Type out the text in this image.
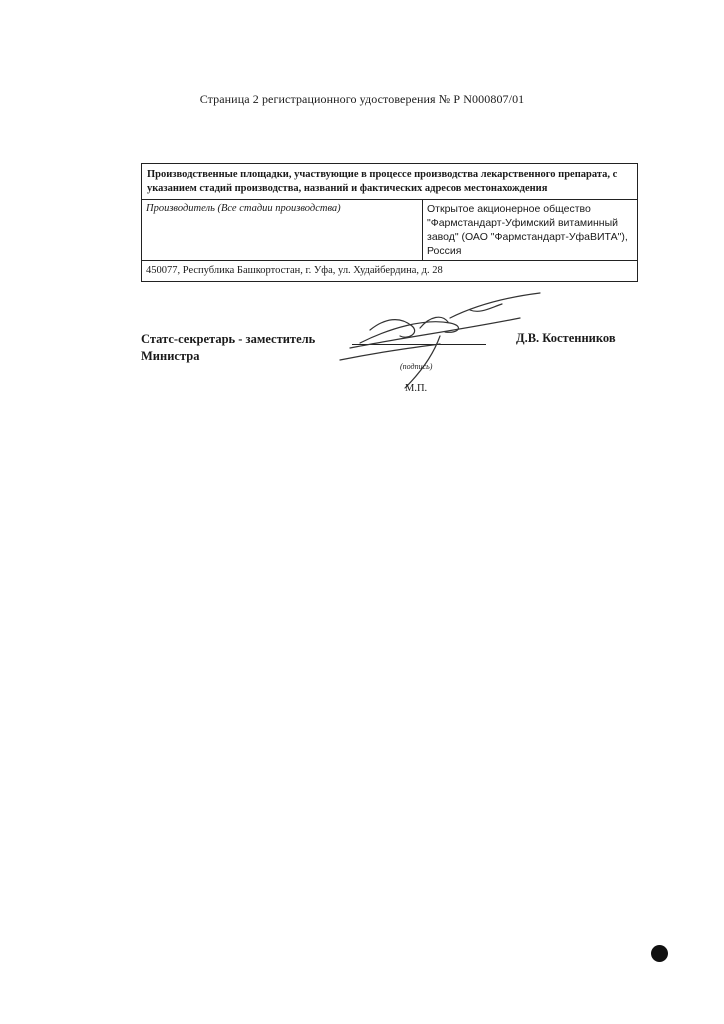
Страница 2 регистрационного удостоверения № Р N000807/01
Производственные площадки, участвующие в процессе производства лекарственного препарата, с указанием стадий производства, названий и фактических адресов местонахождения
Производитель (Все стадии производства)	Открытое акционерное общество "Фармстандарт-Уфимский витаминный завод" (ОАО "Фармстандарт-УфаВИТА"), Россия
450077, Республика Башкортостан, г. Уфа, ул. Худайбердина, д. 28
Статс-секретарь - заместитель
Министра
(подпись)
Д.В. Костенников
М.П.
